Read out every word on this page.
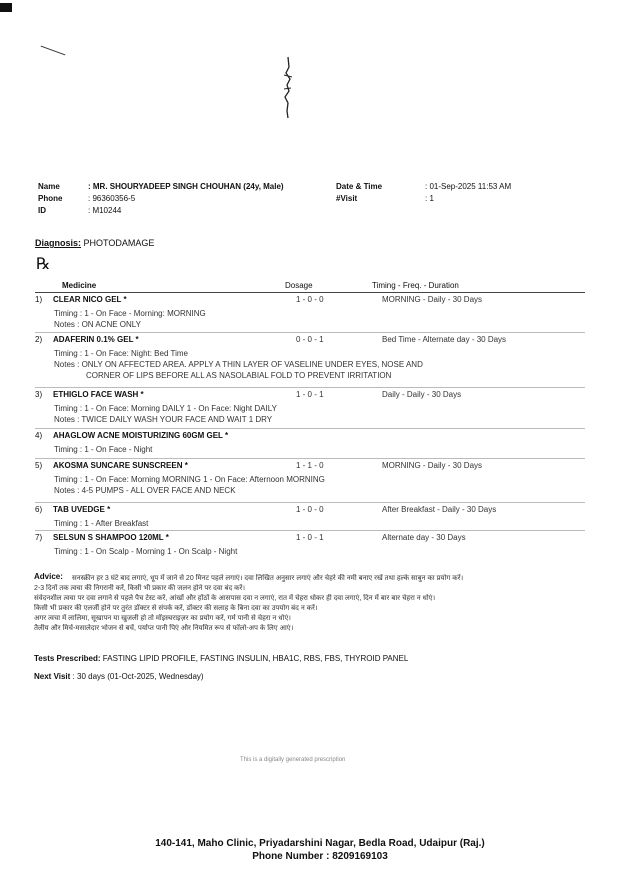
Name	: MR. SHOURYADEEP SINGH CHOUHAN (24y, Male)	Date & Time	: 01-Sep-2025 11:53 AM
Phone	: 96360356-5	#Visit	: 1
ID	: M10244
Diagnosis: PHOTODAMAGE
℞
Medicine	Dosage	Timing - Freq. - Duration
1) CLEAR NICO GEL *	1 - 0 - 0	MORNING - Daily - 30 Days
Timing : 1 - On Face - Morning: MORNING
Notes : ON ACNE ONLY
2) ADAFERIN 0.1% GEL *	0 - 0 - 1	Bed Time - Alternate day - 30 Days
Timing : 1 - On Face: Night: Bed Time
Notes : ONLY ON AFFECTED AREA. APPLY A THIN LAYER OF VASELINE UNDER EYES, NOSE AND
CORNER OF LIPS BEFORE ALL AS NASOLABIAL FOLD TO PREVENT IRRITATION
3) ETHIGLO FACE WASH *	1 - 0 - 1	Daily - Daily - 30 Days
Timing : 1 - On Face: Morning DAILY 1 - On Face: Night DAILY
Notes : TWICE DAILY WASH YOUR FACE AND WAIT 1 DRY
4) AHAGLOW ACNE MOISTURIZING 60GM GEL *
Timing : 1 - On Face - Night
5) AKOSMA SUNCARE SUNSCREEN *	1 - 1 - 0	MORNING - Daily - 30 Days
Timing : 1 - On Face: Morning MORNING 1 - On Face: Afternoon MORNING
Notes : 4-5 PUMPS - ALL OVER FACE AND NECK
6) TAB UVEDGE *	1 - 0 - 0	After Breakfast - Daily - 30 Days
Timing : 1 - After Breakfast
7) SELSUN S SHAMPOO 120ML *	1 - 0 - 1	Alternate day - 30 Days
Timing : 1 - On Scalp - Morning 1 - On Scalp - Night
Advice: सनस्क्रीन हर 3 घंटे बाद लगाएं, धूप में जाने से 20 मिनट पहले लगाएं। दवा लिखित अनुसार लगाएं और चेहरे की नमी बनाए रखें तथा हल्के साबुन का प्रयोग करें।
2-3 दिनों तक त्वचा की निगरानी करें, किसी भी प्रकार की जलन होने पर दवा बंद करें।
संवेदनशील त्वचा पर दवा लगाने से पहले पैच टेस्ट करें, आंखों और होंठों के आसपास दवा न लगाएं, रात में चेहरा धोकर ही दवा लगाएं, दिन में बार बार चेहरा न धोएं।
किसी भी प्रकार की एलर्जी होने पर तुरंत डॉक्टर से संपर्क करें, डॉक्टर की सलाह के बिना दवा का उपयोग बंद न करें।
अगर त्वचा में लालिमा, सूखापन या खुजली हो तो मॉइस्चराइज़र का प्रयोग करें, गर्म पानी से चेहरा न धोएं।
तैलीय और मिर्च-मसालेदार भोजन से बचें, पर्याप्त पानी पिएं और नियमित रूप से फॉलो-अप के लिए आएं।
Tests Prescribed: FASTING LIPID PROFILE, FASTING INSULIN, HBA1C, RBS, FBS, THYROID PANEL
Next Visit : 30 days (01-Oct-2025, Wednesday)
This is a digitally generated prescription
140-141, Maho Clinic, Priyadarshini Nagar, Bedla Road, Udaipur (Raj.)
Phone Number : 8209169103
